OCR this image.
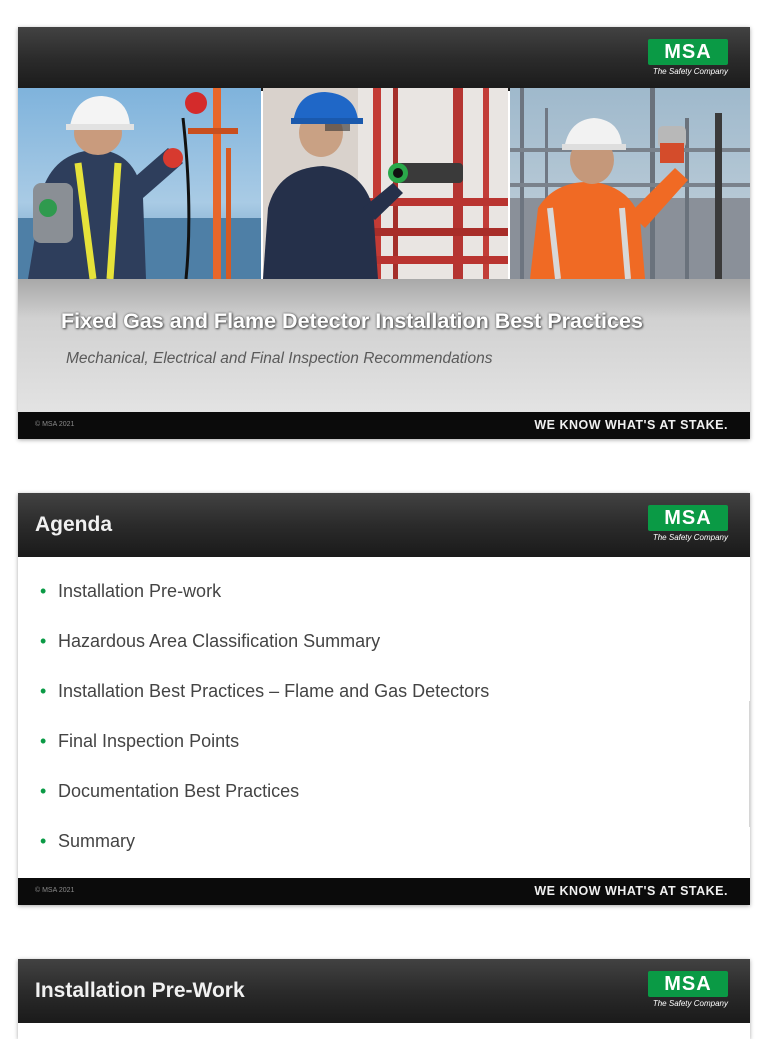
MSA
The Safety Company
Fixed Gas and Flame Detector Installation Best Practices
Mechanical, Electrical and Final Inspection Recommendations
© MSA 2021	WE KNOW WHAT'S AT STAKE.
Agenda	MSA
The Safety Company
• Installation Pre-work
• Hazardous Area Classification Summary
• Installation Best Practices – Flame and Gas Detectors
• Final Inspection Points
• Documentation Best Practices
• Summary
© MSA 2021	WE KNOW WHAT'S AT STAKE.
Installation Pre-Work	MSA
The Safety Company
